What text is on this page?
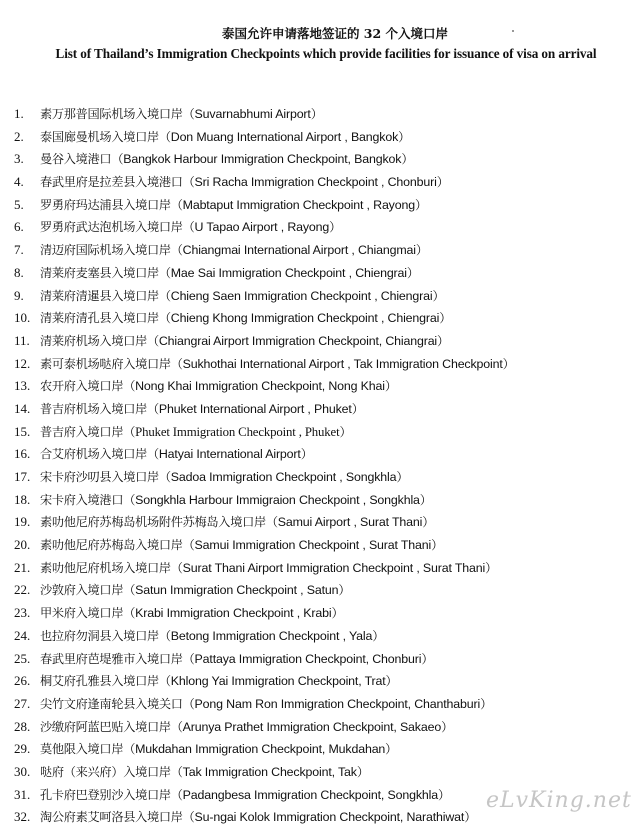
泰国允许申请落地签证的 32 个入境口岸
List of Thailand’s Immigration Checkpoints which provide facilities for issuance of visa on arrival
1.	素万那普国际机场入境口岸（Suvarnabhumi Airport）
2.	泰国廊曼机场入境口岸（Don Muang International Airport , Bangkok）
3.	曼谷入境港口（Bangkok Harbour Immigration Checkpoint, Bangkok）
4.	春武里府是拉差县入境港口（Sri Racha Immigration Checkpoint , Chonburi）
5.	罗勇府玛达浦县入境口岸（Mabtaput Immigration Checkpoint , Rayong）
6.	罗勇府武达泡机场入境口岸（U Tapao Airport , Rayong）
7.	清迈府国际机场入境口岸（Chiangmai International Airport , Chiangmai）
8.	清莱府麦塞县入境口岸（Mae Sai Immigration Checkpoint , Chiengrai）
9.	清莱府清暹县入境口岸（Chieng Saen Immigration Checkpoint , Chiengrai）
10. 清莱府清孔县入境口岸（Chieng Khong Immigration Checkpoint , Chiengrai）
11. 清莱府机场入境口岸（Chiangrai Airport Immigration Checkpoint, Chiangrai）
12. 素可泰机场哒府入境口岸（Sukhothai International Airport , Tak Immigration Checkpoint）
13. 农开府入境口岸（Nong Khai Immigration Checkpoint, Nong Khai）
14. 普吉府机场入境口岸（Phuket International Airport , Phuket）
15. 普吉府入境口岸（Phuket Immigration Checkpoint , Phuket）
16. 合艾府机场入境口岸（Hatyai International Airport）
17. 宋卡府沙叨县入境口岸（Sadoa Immigration Checkpoint , Songkhla）
18. 宋卡府入境港口（Songkhla Harbour Immigraion Checkpoint , Songkhla）
19. 素叻他尼府苏梅岛机场附件苏梅岛入境口岸（Samui Airport , Surat Thani）
20. 素叻他尼府苏梅岛入境口岸（Samui Immigration Checkpoint , Surat Thani）
21. 素叻他尼府机场入境口岸（Surat Thani Airport Immigration Checkpoint , Surat Thani）
22. 沙敦府入境口岸（Satun Immigration Checkpoint , Satun）
23. 甲米府入境口岸（Krabi Immigration Checkpoint , Krabi）
24. 也拉府勿洞县入境口岸（Betong Immigration Checkpoint , Yala）
25. 春武里府芭堤雅市入境口岸（Pattaya Immigration Checkpoint, Chonburi）
26. 桐艾府孔雅县入境口岸（Khlong Yai Immigration Checkpoint, Trat）
27. 尖竹文府逢南轮县入境关口（Pong Nam Ron Immigration Checkpoint, Chanthaburi）
28. 沙缴府阿蓝巴贴入境口岸（Arunya Prathet Immigration Checkpoint, Sakaeo）
29. 莫他限入境口岸（Mukdahan Immigration Checkpoint, Mukdahan）
30. 哒府（来兴府）入境口岸（Tak Immigration Checkpoint, Tak）
31. 孔卡府巴登别沙入境口岸（Padangbesa Immigration Checkpoint, Songkhla）
32. 淘公府素艾呵洛县入境口岸（Su-ngai Kolok Immigration Checkpoint, Narathiwat）
eLvKing.net
